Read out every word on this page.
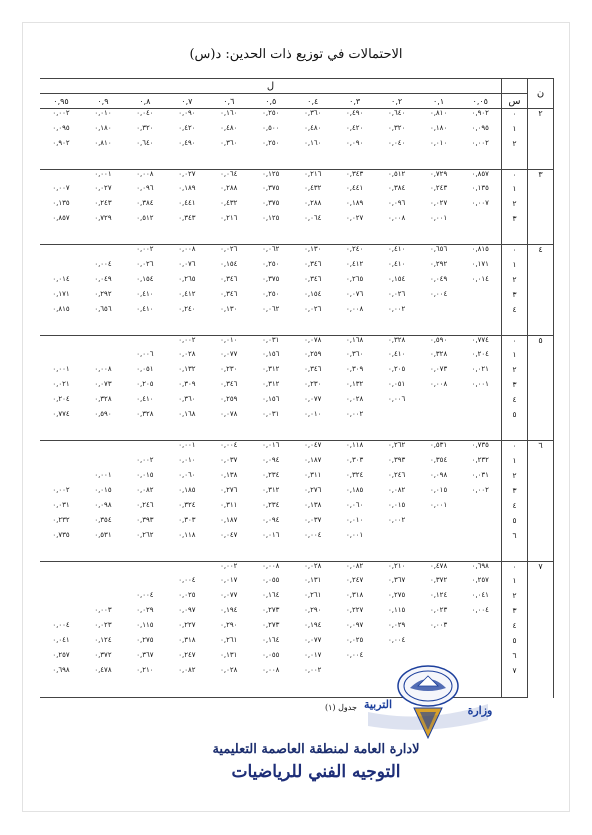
الاحتمالات في توزيع ذات الحدين: د(س)
ن		ل										
	س	٠,٠٥	٠,١	٠,٢	٠,٣	٠,٤	٠,٥	٠,٦	٠,٧	٠,٨	٠,٩	٠,٩٥
٢	٠	٠,٩٠٢	٠,٨١٠	٠,٦٤٠	٠,٤٩٠	٠,٣٦٠	٠,٢٥٠	٠,١٦٠	٠,٠٩٠	٠,٠٤٠	٠,٠١٠	٠,٠٠٢
	١	٠,٠٩٥	٠,١٨٠	٠,٣٢٠	٠,٤٢٠	٠,٤٨٠	٠,٥٠٠	٠,٤٨٠	٠,٤٢٠	٠,٣٢٠	٠,١٨٠	٠,٠٩٥
	٢	٠,٠٠٢	٠,٠١٠	٠,٠٤٠	٠,٠٩٠	٠,١٦٠	٠,٢٥٠	٠,٣٦٠	٠,٤٩٠	٠,٦٤٠	٠,٨١٠	٠,٩٠٢

٣	٠	٠,٨٥٧	٠,٧٢٩	٠,٥١٢	٠,٣٤٣	٠,٢١٦	٠,١٢٥	٠,٠٦٤	٠,٠٢٧	٠,٠٠٨	٠,٠٠١	
	١	٠,١٣٥	٠,٢٤٣	٠,٣٨٤	٠,٤٤١	٠,٤٣٢	٠,٣٧٥	٠,٢٨٨	٠,١٨٩	٠,٠٩٦	٠,٠٢٧	٠,٠٠٧
	٢	٠,٠٠٧	٠,٠٢٧	٠,٠٩٦	٠,١٨٩	٠,٢٨٨	٠,٣٧٥	٠,٤٣٢	٠,٤٤١	٠,٣٨٤	٠,٢٤٣	٠,١٣٥
	٣		٠,٠٠١	٠,٠٠٨	٠,٠٢٧	٠,٠٦٤	٠,١٢٥	٠,٢١٦	٠,٣٤٣	٠,٥١٢	٠,٧٢٩	٠,٨٥٧

٤	٠	٠,٨١٥	٠,٦٥٦	٠,٤١٠	٠,٢٤٠	٠,١٣٠	٠,٠٦٢	٠,٠٢٦	٠,٠٠٨	٠,٠٠٢		
	١	٠,١٧١	٠,٢٩٢	٠,٤١٠	٠,٤١٢	٠,٣٤٦	٠,٢٥٠	٠,١٥٤	٠,٠٧٦	٠,٠٢٦	٠,٠٠٤	
	٢	٠,٠١٤	٠,٠٤٩	٠,١٥٤	٠,٢٦٥	٠,٣٤٦	٠,٣٧٥	٠,٣٤٦	٠,٢٦٥	٠,١٥٤	٠,٠٤٩	٠,٠١٤
	٣		٠,٠٠٤	٠,٠٢٦	٠,٠٧٦	٠,١٥٤	٠,٢٥٠	٠,٣٤٦	٠,٤١٢	٠,٤١٠	٠,٢٩٢	٠,١٧١
	٤			٠,٠٠٢	٠,٠٠٨	٠,٠٢٦	٠,٠٦٢	٠,١٣٠	٠,٢٤٠	٠,٤١٠	٠,٦٥٦	٠,٨١٥

٥	٠	٠,٧٧٤	٠,٥٩٠	٠,٣٢٨	٠,١٦٨	٠,٠٧٨	٠,٠٣١	٠,٠١٠	٠,٠٠٢			
	١	٠,٢٠٤	٠,٣٢٨	٠,٤١٠	٠,٣٦٠	٠,٢٥٩	٠,١٥٦	٠,٠٧٧	٠,٠٢٨	٠,٠٠٦		
	٢	٠,٠٢١	٠,٠٧٣	٠,٢٠٥	٠,٣٠٩	٠,٣٤٦	٠,٣١٢	٠,٢٣٠	٠,١٣٢	٠,٠٥١	٠,٠٠٨	٠,٠٠١
	٣	٠,٠٠١	٠,٠٠٨	٠,٠٥١	٠,١٣٢	٠,٢٣٠	٠,٣١٢	٠,٣٤٦	٠,٣٠٩	٠,٢٠٥	٠,٠٧٣	٠,٠٢١
	٤			٠,٠٠٦	٠,٠٢٨	٠,٠٧٧	٠,١٥٦	٠,٢٥٩	٠,٣٦٠	٠,٤١٠	٠,٣٢٨	٠,٢٠٤
	٥				٠,٠٠٢	٠,٠١٠	٠,٠٣١	٠,٠٧٨	٠,١٦٨	٠,٣٢٨	٠,٥٩٠	٠,٧٧٤

٦	٠	٠,٧٣٥	٠,٥٣١	٠,٢٦٢	٠,١١٨	٠,٠٤٧	٠,٠١٦	٠,٠٠٤	٠,٠٠١			
	١	٠,٢٣٢	٠,٣٥٤	٠,٣٩٣	٠,٣٠٣	٠,١٨٧	٠,٠٩٤	٠,٠٣٧	٠,٠١٠	٠,٠٠٢		
	٢	٠,٠٣١	٠,٠٩٨	٠,٢٤٦	٠,٣٢٤	٠,٣١١	٠,٢٣٤	٠,١٣٨	٠,٠٦٠	٠,٠١٥	٠,٠٠١	
	٣	٠,٠٠٢	٠,٠١٥	٠,٠٨٢	٠,١٨٥	٠,٢٧٦	٠,٣١٢	٠,٢٧٦	٠,١٨٥	٠,٠٨٢	٠,٠١٥	٠,٠٠٢
	٤		٠,٠٠١	٠,٠١٥	٠,٠٦٠	٠,١٣٨	٠,٢٣٤	٠,٣١١	٠,٣٢٤	٠,٢٤٦	٠,٠٩٨	٠,٠٣١
	٥			٠,٠٠٢	٠,٠١٠	٠,٠٣٧	٠,٠٩٤	٠,١٨٧	٠,٣٠٣	٠,٣٩٣	٠,٣٥٤	٠,٢٣٢
	٦				٠,٠٠١	٠,٠٠٤	٠,٠١٦	٠,٠٤٧	٠,١١٨	٠,٢٦٢	٠,٥٣١	٠,٧٣٥

٧	٠	٠,٦٩٨	٠,٤٧٨	٠,٢١٠	٠,٠٨٢	٠,٠٢٨	٠,٠٠٨	٠,٠٠٢				
	١	٠,٢٥٧	٠,٣٧٢	٠,٣٦٧	٠,٢٤٧	٠,١٣١	٠,٠٥٥	٠,٠١٧	٠,٠٠٤			
	٢	٠,٠٤١	٠,١٢٤	٠,٢٧٥	٠,٣١٨	٠,٢٦١	٠,١٦٤	٠,٠٧٧	٠,٠٢٥	٠,٠٠٤		
	٣	٠,٠٠٤	٠,٠٢٣	٠,١١٥	٠,٢٢٧	٠,٢٩٠	٠,٢٧٣	٠,١٩٤	٠,٠٩٧	٠,٠٢٩	٠,٠٠٣	
	٤		٠,٠٠٣	٠,٠٢٩	٠,٠٩٧	٠,١٩٤	٠,٢٧٣	٠,٢٩٠	٠,٢٢٧	٠,١١٥	٠,٠٢٣	٠,٠٠٤
	٥			٠,٠٠٤	٠,٠٢٥	٠,٠٧٧	٠,١٦٤	٠,٢٦١	٠,٣١٨	٠,٢٧٥	٠,١٢٤	٠,٠٤١
	٦				٠,٠٠٤	٠,٠١٧	٠,٠٥٥	٠,١٣١	٠,٢٤٧	٠,٣٦٧	٠,٣٧٢	٠,٢٥٧
	٧					٠,٠٠٢	٠,٠٠٨	٠,٠٢٨	٠,٠٨٢	٠,٢١٠	٠,٤٧٨	٠,٦٩٨

جدول (١)	وزارة
التربية
لادارة العامة لمنطقة العاصمة التعليمية
التوجيه الفني للرياضيات
